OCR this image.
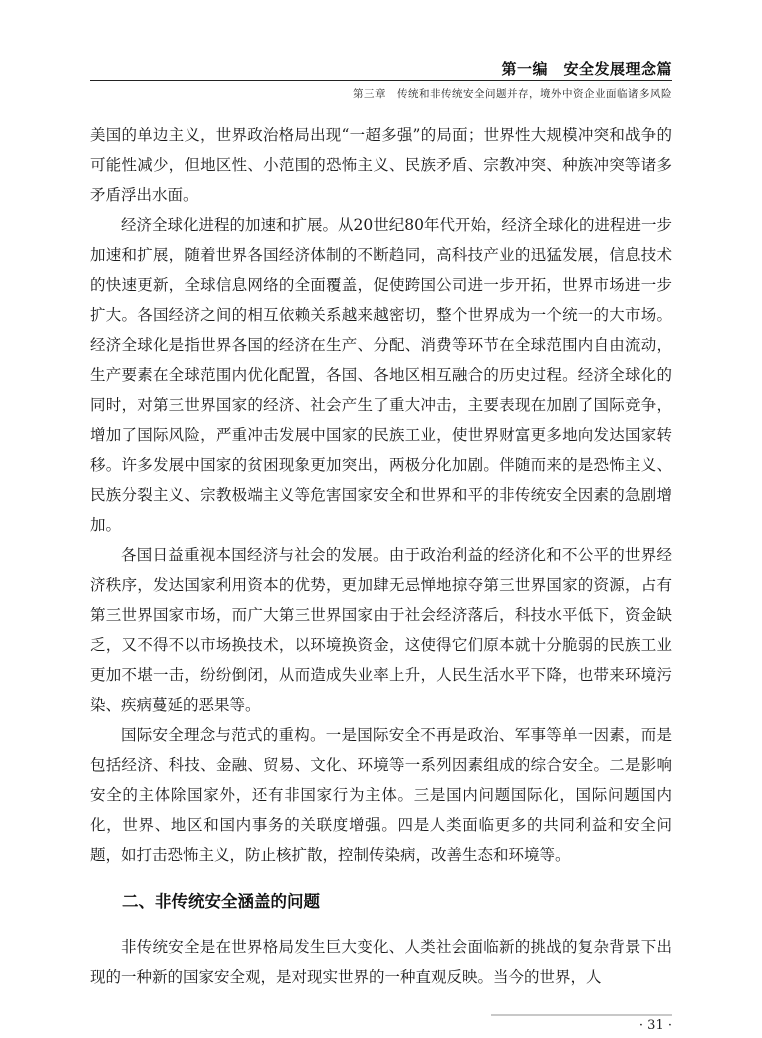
第一编　安全发展理念篇
第三章　传统和非传统安全问题并存，境外中资企业面临诸多风险

美国的单边主义，世界政治格局出现“一超多强”的局面；世界性大规模冲突和战争的可能性减少，但地区性、小范围的恐怖主义、民族矛盾、宗教冲突、种族冲突等诸多矛盾浮出水面。

经济全球化进程的加速和扩展。从20世纪80年代开始，经济全球化的进程进一步加速和扩展，随着世界各国经济体制的不断趋同，高科技产业的迅猛发展，信息技术的快速更新，全球信息网络的全面覆盖，促使跨国公司进一步开拓，世界市场进一步扩大。各国经济之间的相互依赖关系越来越密切，整个世界成为一个统一的大市场。经济全球化是指世界各国的经济在生产、分配、消费等环节在全球范围内自由流动，生产要素在全球范围内优化配置，各国、各地区相互融合的历史过程。经济全球化的同时，对第三世界国家的经济、社会产生了重大冲击，主要表现在加剧了国际竞争，增加了国际风险，严重冲击发展中国家的民族工业，使世界财富更多地向发达国家转移。许多发展中国家的贫困现象更加突出，两极分化加剧。伴随而来的是恐怖主义、民族分裂主义、宗教极端主义等危害国家安全和世界和平的非传统安全因素的急剧增加。

各国日益重视本国经济与社会的发展。由于政治利益的经济化和不公平的世界经济秩序，发达国家利用资本的优势，更加肆无忌惮地掠夺第三世界国家的资源，占有第三世界国家市场，而广大第三世界国家由于社会经济落后，科技水平低下，资金缺乏，又不得不以市场换技术，以环境换资金，这使得它们原本就十分脆弱的民族工业更加不堪一击，纷纷倒闭，从而造成失业率上升，人民生活水平下降，也带来环境污染、疾病蔓延的恶果等。

国际安全理念与范式的重构。一是国际安全不再是政治、军事等单一因素，而是包括经济、科技、金融、贸易、文化、环境等一系列因素组成的综合安全。二是影响安全的主体除国家外，还有非国家行为主体。三是国内问题国际化，国际问题国内化，世界、地区和国内事务的关联度增强。四是人类面临更多的共同利益和安全问题，如打击恐怖主义，防止核扩散，控制传染病，改善生态和环境等。

二、非传统安全涵盖的问题

非传统安全是在世界格局发生巨大变化、人类社会面临新的挑战的复杂背景下出现的一种新的国家安全观，是对现实世界的一种直观反映。当今的世界，人

· 31 ·
